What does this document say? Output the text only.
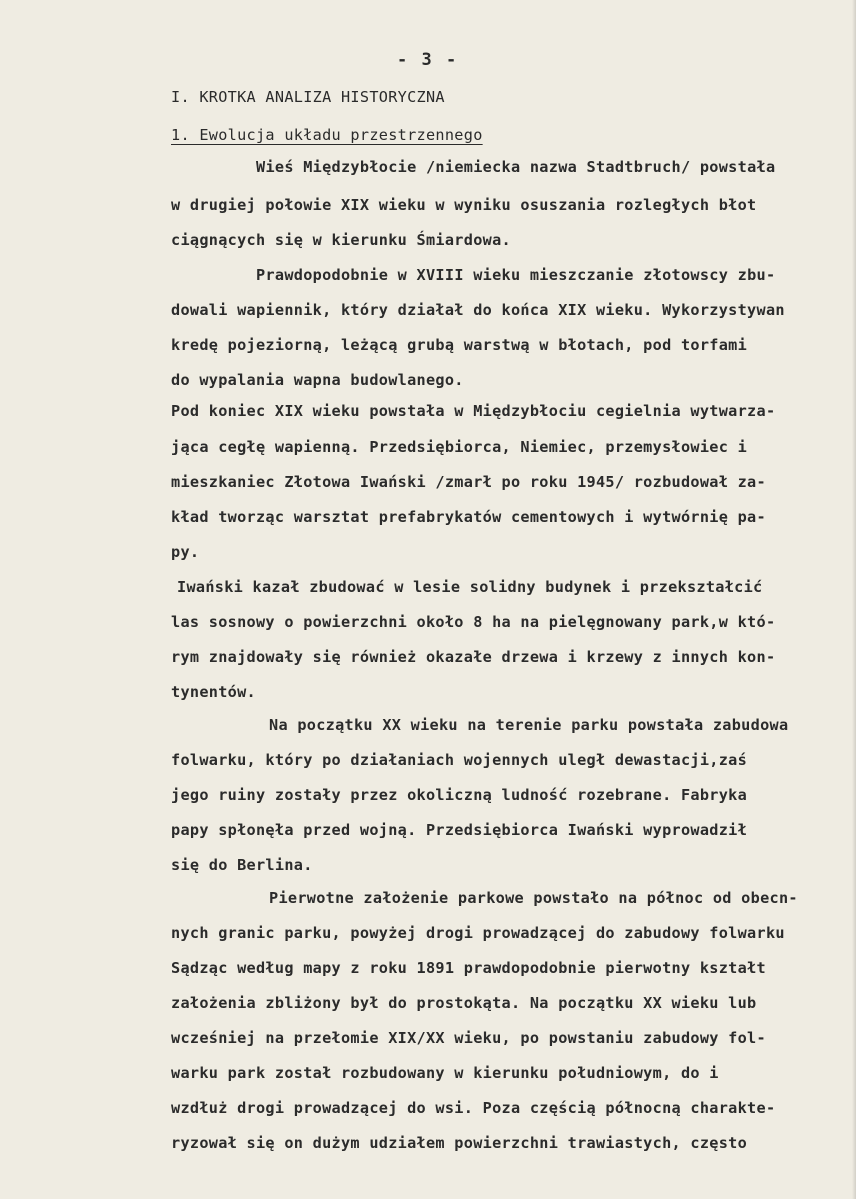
- 3 -
I. KROTKA ANALIZA HISTORYCZNA
1. Ewolucja układu przestrzennego
Wieś Międzybłocie /niemiecka nazwa Stadtbruch/ powstała
w drugiej połowie XIX wieku w wyniku osuszania rozległych błot
ciągnących się w kierunku Śmiardowa.
Prawdopodobnie w XVIII wieku mieszczanie złotowscy zbu-
dowali wapiennik, który działał do końca XIX wieku. Wykorzystywan
kredę pojeziorną, leżącą grubą warstwą w błotach, pod torfami
do wypalania wapna budowlanego.
Pod koniec XIX wieku powstała w Międzybłociu cegielnia wytwarza-
jąca cegłę wapienną. Przedsiębiorca, Niemiec, przemysłowiec i
mieszkaniec Złotowa Iwański /zmarł po roku 1945/ rozbudował za-
kład tworząc warsztat prefabrykatów cementowych i wytwórnię pa-
py.
Iwański kazał zbudować w lesie solidny budynek i przekształcić
las sosnowy o powierzchni około 8 ha na pielęgnowany park,w któ-
rym znajdowały się również okazałe drzewa i krzewy z innych kon-
tynentów.
Na początku XX wieku na terenie parku powstała zabudowa
folwarku, który po działaniach wojennych uległ dewastacji,zaś
jego ruiny zostały przez okoliczną ludność rozebrane. Fabryka
papy spłonęła przed wojną. Przedsiębiorca Iwański wyprowadził
się do Berlina.
Pierwotne założenie parkowe powstało na północ od obecn-
nych granic parku, powyżej drogi prowadzącej do zabudowy folwarku
Sądząc według mapy z roku 1891 prawdopodobnie pierwotny kształt
założenia zbliżony był do prostokąta. Na początku XX wieku lub
wcześniej na przełomie XIX/XX wieku, po powstaniu zabudowy fol-
warku park został rozbudowany w kierunku południowym, do i
wzdłuż drogi prowadzącej do wsi. Poza częścią północną charakte-
ryzował się on dużym udziałem powierzchni trawiastych, często
